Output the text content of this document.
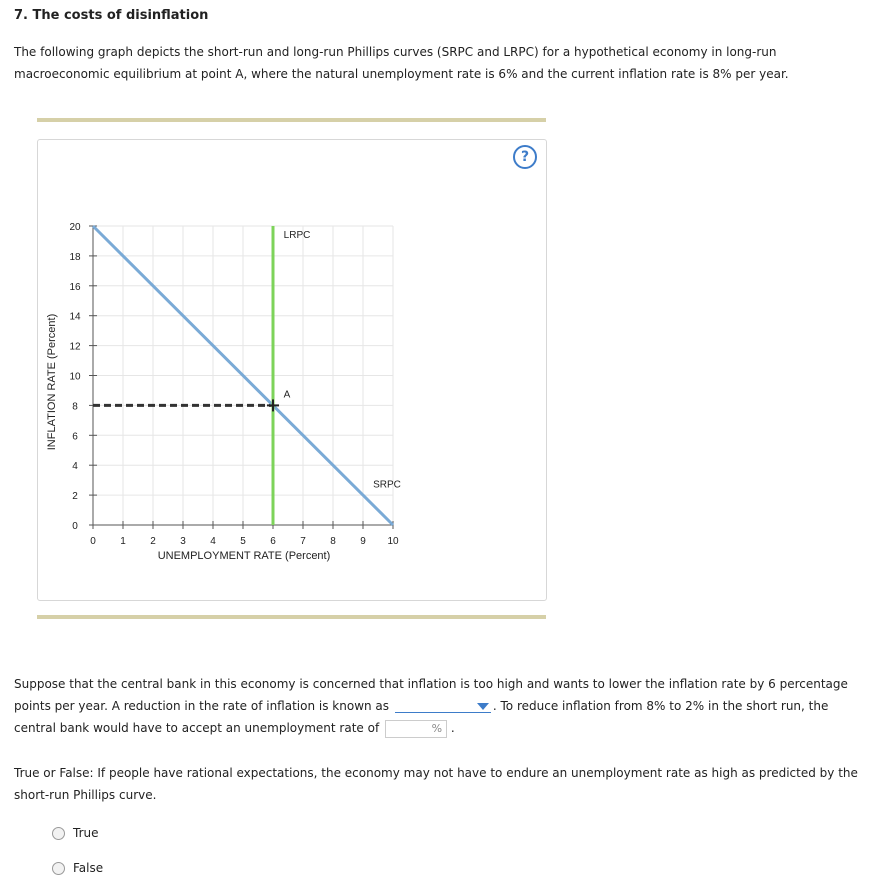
7. The costs of disinflation
The following graph depicts the short-run and long-run Phillips curves (SRPC and LRPC) for a hypothetical economy in long-run macroeconomic equilibrium at point A, where the natural unemployment rate is 6% and the current inflation rate is 8% per year.
?
0 1 2 3 4 5 6 7 8 9 10
0
2
4
6
8
10
12
14
16
18
20
LRPC
SRPC
A
INFLATION RATE (Percent)
UNEMPLOYMENT RATE (Percent)
Suppose that the central bank in this economy is concerned that inflation is too high and wants to lower the inflation rate by 6 percentage points per year. A reduction in the rate of inflation is known as	. To reduce inflation from 8% to 2% in the short run, the central bank would have to accept an unemployment rate of	% .
True or False: If people have rational expectations, the economy may not have to endure an unemployment rate as high as predicted by the short-run Phillips curve.
True
False
